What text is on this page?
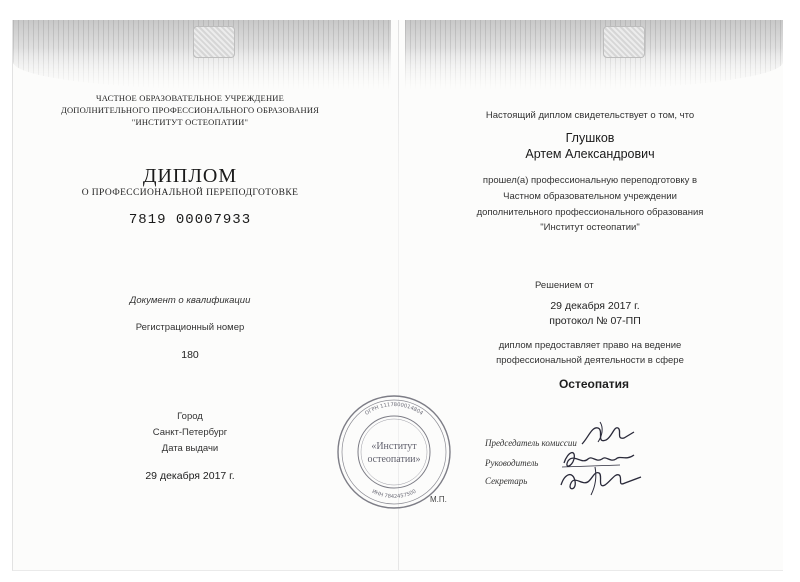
ЧАСТНОЕ ОБРАЗОВАТЕЛЬНОЕ УЧРЕЖДЕНИЕ
ДОПОЛНИТЕЛЬНОГО ПРОФЕССИОНАЛЬНОГО ОБРАЗОВАНИЯ
"ИНСТИТУТ ОСТЕОПАТИИ"
ДИПЛОМ
О ПРОФЕССИОНАЛЬНОЙ ПЕРЕПОДГОТОВКЕ
7819 00007933
Документ о квалификации
Регистрационный номер
180
Город
Санкт-Петербург
Дата выдачи
29 декабря 2017 г.
Настоящий диплом свидетельствует о том, что
Глушков
Артем Александрович
прошел(а) профессиональную переподготовку в
Частном образовательном учреждении
дополнительного профессионального образования
"Институт остеопатии"
Решением от
29 декабря 2017 г.
протокол № 07-ПП
диплом предоставляет право на ведение
профессиональной деятельности в сфере
Остеопатия
Председатель комиссии
Руководитель
Секретарь
ОГРН 1117800014804
ИНН 7842457500
«Институт
остеопатии»
М.П.
